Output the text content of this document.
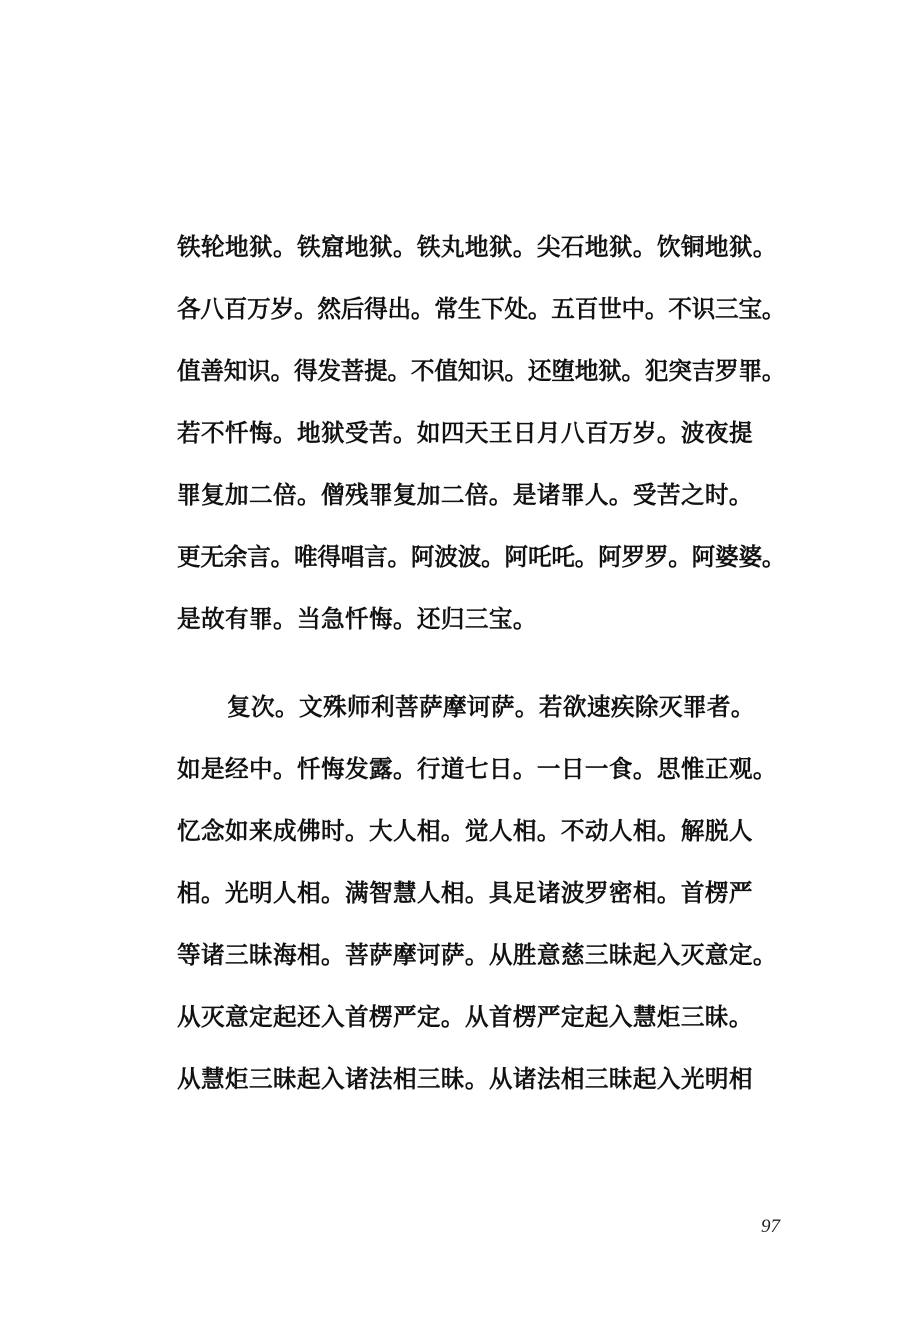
铁轮地狱。铁窟地狱。铁丸地狱。尖石地狱。饮铜地狱。
各八百万岁。然后得出。常生下处。五百世中。不识三宝。
值善知识。得发菩提。不值知识。还堕地狱。犯突吉罗罪。
若不忏悔。地狱受苦。如四天王日月八百万岁。波夜提
罪复加二倍。僧残罪复加二倍。是诸罪人。受苦之时。
更无余言。唯得唱言。阿波波。阿吒吒。阿罗罗。阿婆婆。
是故有罪。当急忏悔。还归三宝。
复次。文殊师利菩萨摩诃萨。若欲速疾除灭罪者。
如是经中。忏悔发露。行道七日。一日一食。思惟正观。
忆念如来成佛时。大人相。觉人相。不动人相。解脱人
相。光明人相。满智慧人相。具足诸波罗密相。首楞严
等诸三昧海相。菩萨摩诃萨。从胜意慈三昧起入灭意定。
从灭意定起还入首楞严定。从首楞严定起入慧炬三昧。
从慧炬三昧起入诸法相三昧。从诸法相三昧起入光明相
97
